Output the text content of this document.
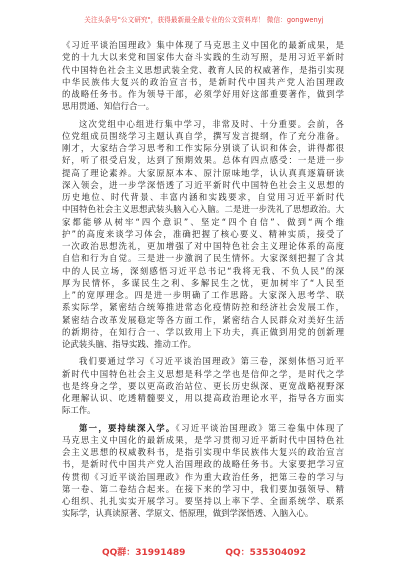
关注头条号"公文研究"，获得最新最全最专业的公文资料库！ 微信：gongwenyj
《习近平谈治国理政》集中体现了马克思主义中国化的最新成果，是
党的十九大以来党和国家伟大奋斗实践的生动写照，是用习近平新时
代中国特色社会主义思想武装全党、教育人民的权威著作，是指引实现
中华民族伟大复兴的政治宣言书，是新时代中国共产党人治国理政
的战略任务书。作为领导干部，必须学好用好这部重要著作，做到学
思用贯通、知信行合一。
这次党组中心组进行集中学习，非常及时、十分重要。会前，各
位党组成员围绕学习主题认真自学，撰写发言提纲，作了充分准备。
刚才，大家结合学习思考和工作实际分别谈了认识和体会，讲得都很
好，听了很受启发，达到了预期效果。总体有四点感受：一是进一步
提高了理论素养。大家原原本本、原汁原味地学，认认真真逐篇研读
深入领会，进一步学深悟透了习近平新时代中国特色社会主义思想的
历史地位、时代背景、丰富内涵和实践要求，自觉用习近平新时代
中国特色社会主义思想武装头脑入心入脑。二是进一步洗礼了思想政治。大
家都能够从树牢“四个意识”、坚定“四个自信”、做到“两个维
护”的高度来谈学习体会，准确把握了核心要义、精神实质，接受了
一次政治思想洗礼，更加增强了对中国特色社会主义理论体系的高度
自信和行为自觉。三是进一步激润了民生情怀。大家深刻把握了含其
中的人民立场，深刻感悟习近平总书记“我将无我、不负人民”的深
厚为民情怀，多谋民生之利、多解民生之忧，更加树牢了“人民至
上”的宽厚理念。四是进一步明确了工作思路。大家深入思考学、联
系实际学，紧密结合统筹推进常态化疫情防控和经济社会发展工作，
紧密结合改革发展稳定等各方面工作，紧密结合人民群众对美好生活
的新期待，在知行合一、学以致用上下功夫，真正做到用党的创新理
论武装头脑、指导实践、推动工作。
我们要通过学习《习近平谈治国理政》第三卷，深刻体悟习近平
新时代中国特色社会主义思想是科学之学也是信仰之学，是时代之学
也是终身之学，要以更高政治站位、更长历史纵深、更宽战略视野深
化理解认识、吃透精髓要义，用以提高政治理论水平，指导各方面实
际工作。
第一，要持续深入学。《习近平谈治国理政》第三卷集中体现了
马克思主义中国化的最新成果，是学习贯彻习近平新时代中国特色社
会主义思想的权威教科书，是指引实现中华民族伟大复兴的政治宣言
书，是新时代中国共产党人治国理政的战略任务书。大家要把学习宣
传贯彻《习近平谈治国理政》作为重大政治任务，把第三卷的学习与
第一卷、第二卷结合起来。在接下来的学习中，我们要加强领导、精
心组织、扎扎实实开展学习。要坚持以上率下学、全面系统学、联系
实际学，认真读原著、学原文、悟原理，做到学深悟透、入脑入心。
QQ群：31991489	QQ：535304092
